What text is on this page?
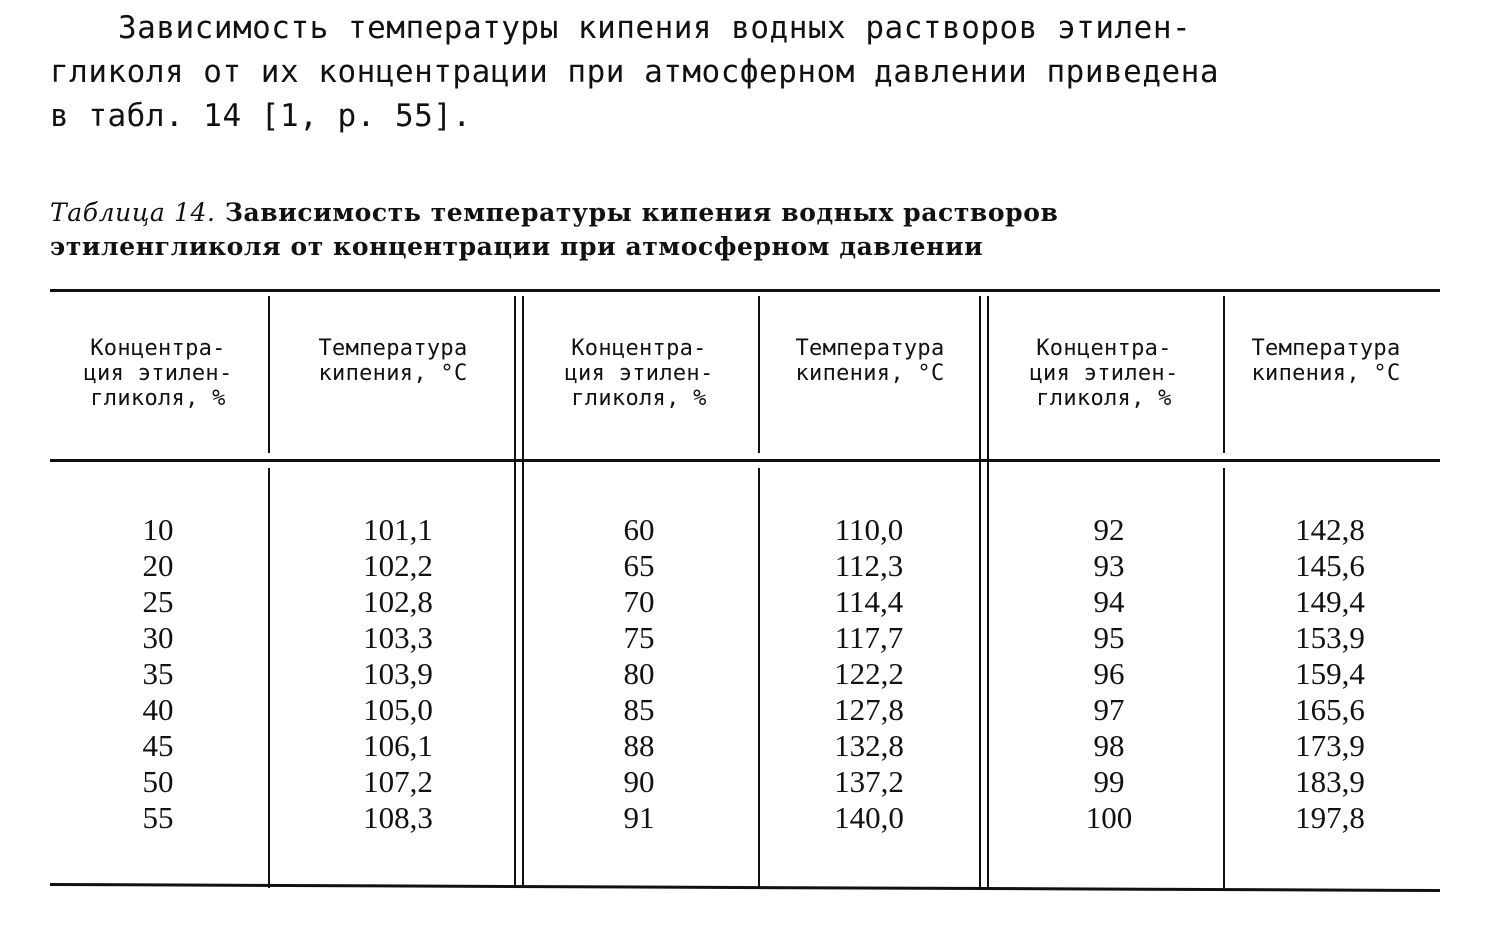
Зависимость температуры кипения водных растворов этилен-
гликоля от их концентрации при атмосферном давлении приведена
в табл. 14 [1, p. 55].
Таблица 14. Зависимость температуры кипения водных растворов
этиленгликоля от концентрации при атмосферном давлении
Концентра-
ция этилен-
гликоля, %
Температура
кипения, °C
Концентра-
ция этилен-
гликоля, %
Температура
кипения, °C
Концентра-
ция этилен-
гликоля, %
Температура
кипения, °C
10
20
25
30
35
40
45
50
55
101,1
102,2
102,8
103,3
103,9
105,0
106,1
107,2
108,3
60
65
70
75
80
85
88
90
91
110,0
112,3
114,4
117,7
122,2
127,8
132,8
137,2
140,0
92
93
94
95
96
97
98
99
100
142,8
145,6
149,4
153,9
159,4
165,6
173,9
183,9
197,8
